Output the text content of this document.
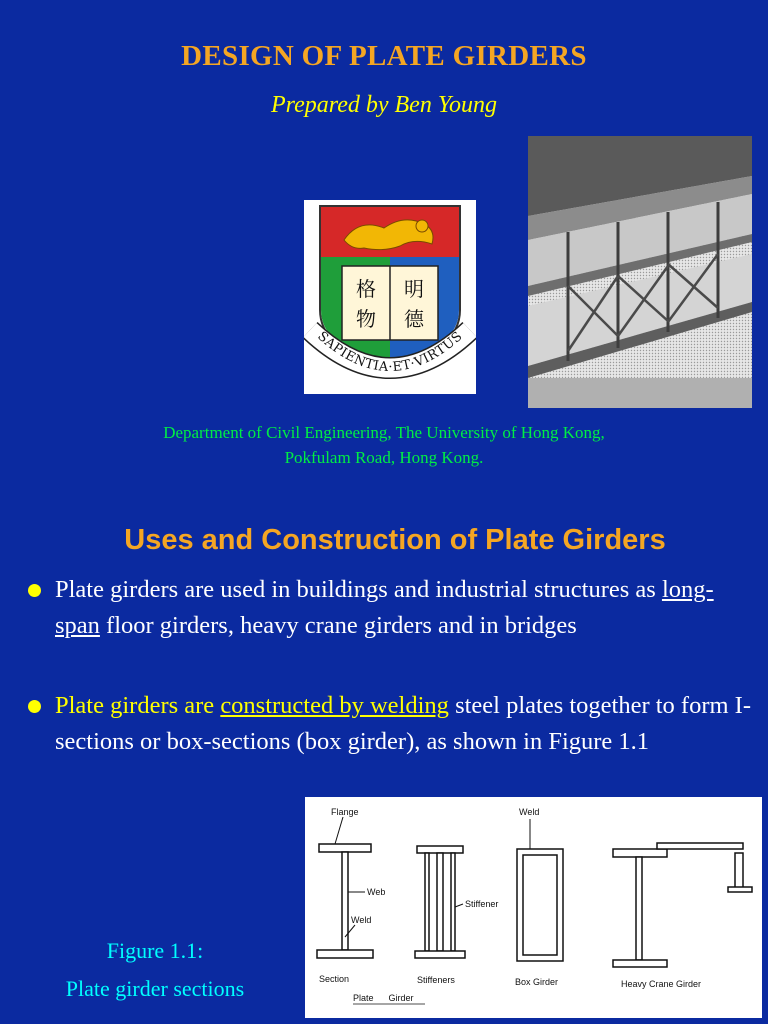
DESIGN OF PLATE GIRDERS
Prepared by Ben Young
格 明
物 德
SAPIENTIA·ET·VIRTUS
Department of Civil Engineering, The University of Hong Kong,
Pokfulam Road, Hong Kong.
Uses and Construction of Plate Girders
Plate girders are used in buildings and industrial structures as long-span floor girders, heavy crane girders and in bridges
Plate girders are constructed by welding steel plates together to form I-sections or box-sections (box girder), as shown in Figure 1.1
Figure 1.1:
Plate girder sections
Flange
Web
Weld
Weld
Stiffener
Section	Stiffeners	Box Girder	Heavy Crane Girder
Plate      Girder
